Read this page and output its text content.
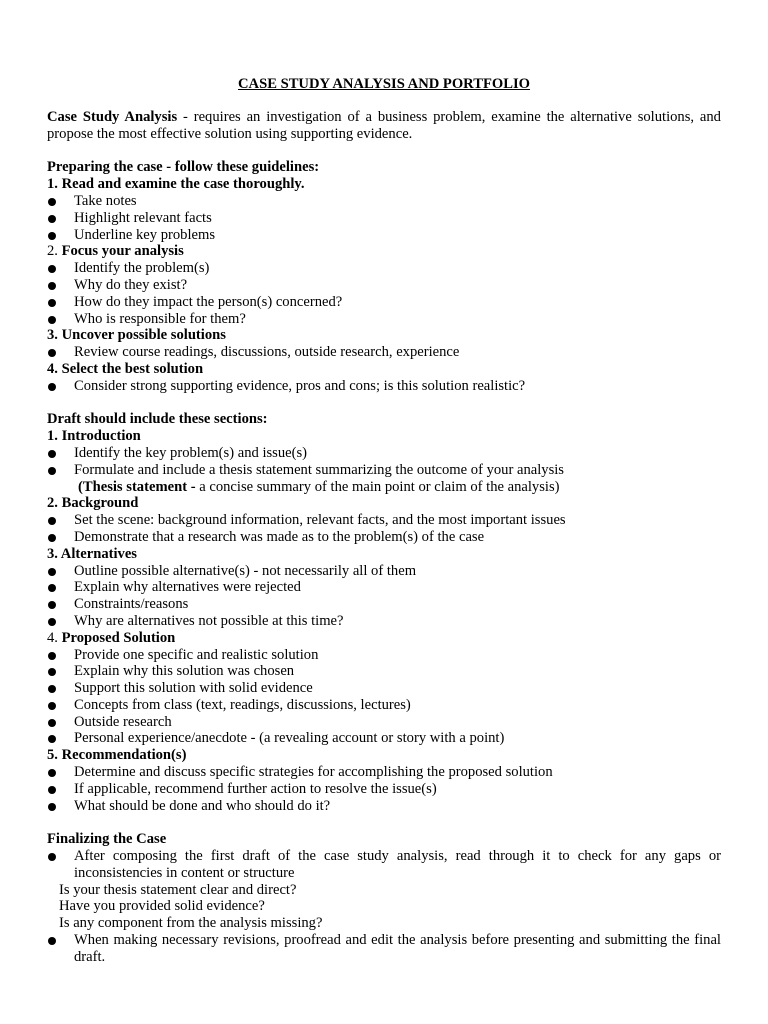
CASE STUDY ANALYSIS AND PORTFOLIO

Case Study Analysis - requires an investigation of a business problem, examine the alternative solutions, and propose the most effective solution using supporting evidence.

Preparing the case - follow these guidelines:
1. Read and examine the case thoroughly.
Take notes
Highlight relevant facts
Underline key problems
2. Focus your analysis
Identify the problem(s)
Why do they exist?
How do they impact the person(s) concerned?
Who is responsible for them?
3. Uncover possible solutions
Review course readings, discussions, outside research, experience
4. Select the best solution
Consider strong supporting evidence, pros and cons; is this solution realistic?
Draft should include these sections:
1. Introduction
Identify the key problem(s) and issue(s)
Formulate and include a thesis statement summarizing the outcome of your analysis
(Thesis statement - a concise summary of the main point or claim of the analysis)
2. Background
Set the scene: background information, relevant facts, and the most important issues
Demonstrate that a research was made as to the problem(s) of the case
3. Alternatives
Outline possible alternative(s) - not necessarily all of them
Explain why alternatives were rejected
Constraints/reasons
Why are alternatives not possible at this time?
4. Proposed Solution
Provide one specific and realistic solution
Explain why this solution was chosen
Support this solution with solid evidence
Concepts from class (text, readings, discussions, lectures)
Outside research
Personal experience/anecdote - (a revealing account or story with a point)
5. Recommendation(s)
Determine and discuss specific strategies for accomplishing the proposed solution
If applicable, recommend further action to resolve the issue(s)
What should be done and who should do it?
Finalizing the Case
After composing the first draft of the case study analysis, read through it to check for any gaps or inconsistencies in content or structure
Is your thesis statement clear and direct?
Have you provided solid evidence?
Is any component from the analysis missing?
When making necessary revisions, proofread and edit the analysis before presenting and submitting the final draft.
